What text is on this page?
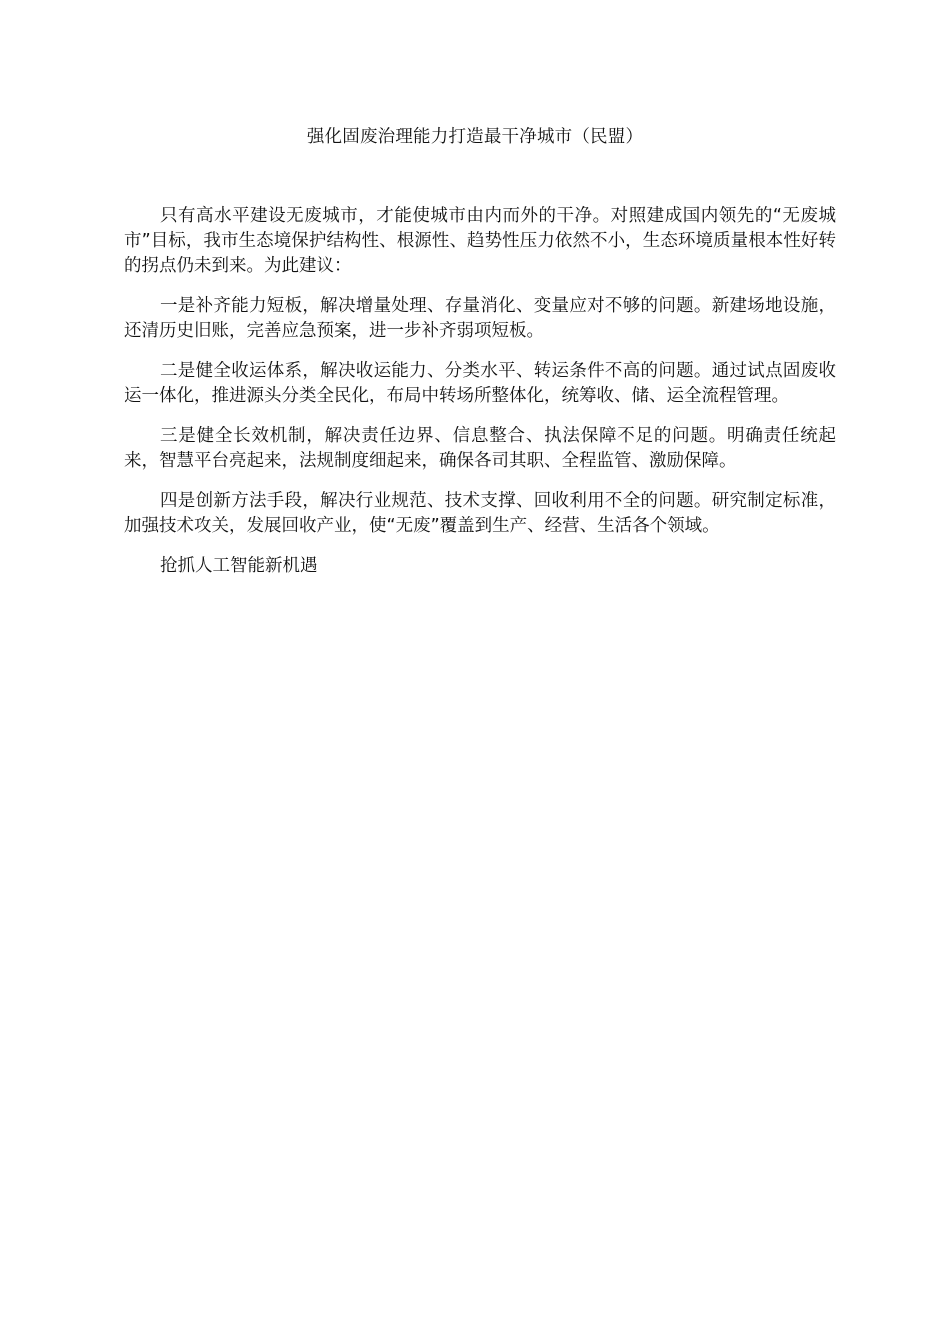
强化固废治理能力打造最干净城市（民盟）

只有高水平建设无废城市，才能使城市由内而外的干净。对照建成国内领先的“无废城市”目标，我市生态境保护结构性、根源性、趋势性压力依然不小，生态环境质量根本性好转的拐点仍未到来。为此建议：

一是补齐能力短板，解决增量处理、存量消化、变量应对不够的问题。新建场地设施，还清历史旧账，完善应急预案，进一步补齐弱项短板。

二是健全收运体系，解决收运能力、分类水平、转运条件不高的问题。通过试点固废收运一体化，推进源头分类全民化，布局中转场所整体化，统筹收、储、运全流程管理。

三是健全长效机制，解决责任边界、信息整合、执法保障不足的问题。明确责任统起来，智慧平台亮起来，法规制度细起来，确保各司其职、全程监管、激励保障。

四是创新方法手段，解决行业规范、技术支撑、回收利用不全的问题。研究制定标准，加强技术攻关，发展回收产业，使“无废”覆盖到生产、经营、生活各个领域。

抢抓人工智能新机遇
